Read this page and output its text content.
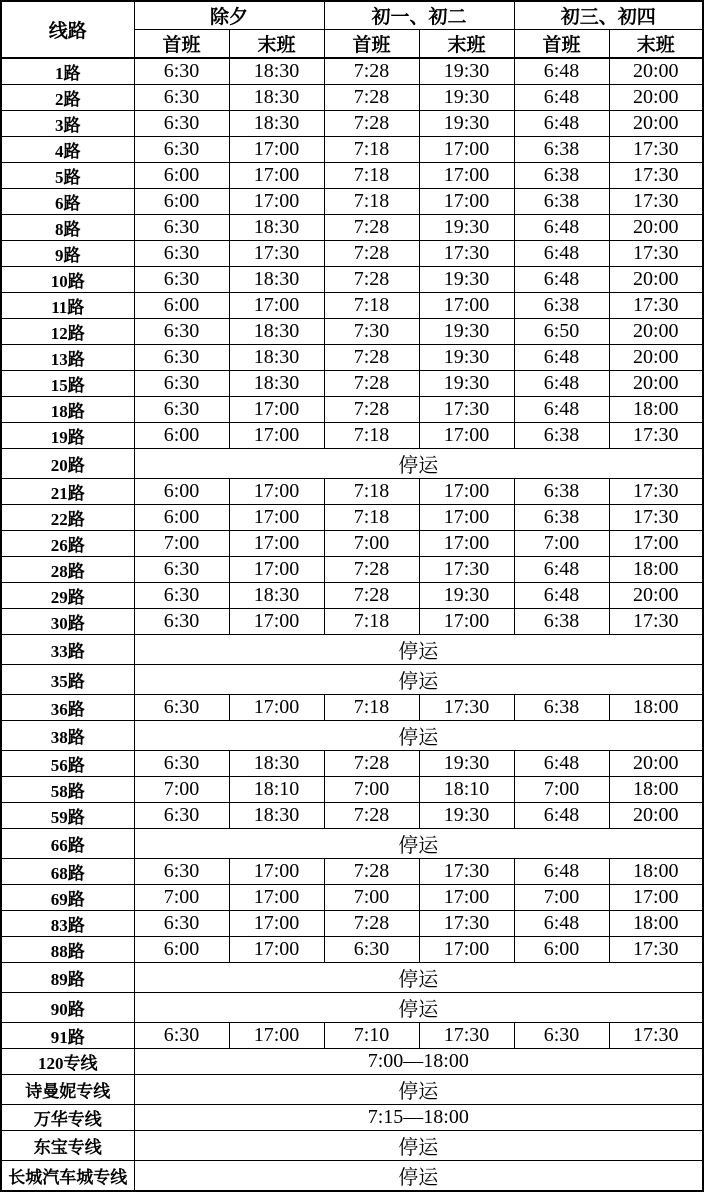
线路	除夕		初一、初二		初三、初四	
	首班	末班	首班	末班	首班	末班
1路	6:30	18:30	7:28	19:30	6:48	20:00
2路	6:30	18:30	7:28	19:30	6:48	20:00
3路	6:30	18:30	7:28	19:30	6:48	20:00
4路	6:30	17:00	7:18	17:00	6:38	17:30
5路	6:00	17:00	7:18	17:00	6:38	17:30
6路	6:00	17:00	7:18	17:00	6:38	17:30
8路	6:30	18:30	7:28	19:30	6:48	20:00
9路	6:30	17:30	7:28	17:30	6:48	17:30
10路	6:30	18:30	7:28	19:30	6:48	20:00
11路	6:00	17:00	7:18	17:00	6:38	17:30
12路	6:30	18:30	7:30	19:30	6:50	20:00
13路	6:30	18:30	7:28	19:30	6:48	20:00
15路	6:30	18:30	7:28	19:30	6:48	20:00
18路	6:30	17:00	7:28	17:30	6:48	18:00
19路	6:00	17:00	7:18	17:00	6:38	17:30
20路	停运					
21路	6:00	17:00	7:18	17:00	6:38	17:30
22路	6:00	17:00	7:18	17:00	6:38	17:30
26路	7:00	17:00	7:00	17:00	7:00	17:00
28路	6:30	17:00	7:28	17:30	6:48	18:00
29路	6:30	18:30	7:28	19:30	6:48	20:00
30路	6:30	17:00	7:18	17:00	6:38	17:30
33路	停运					
35路	停运					
36路	6:30	17:00	7:18	17:30	6:38	18:00
38路	停运					
56路	6:30	18:30	7:28	19:30	6:48	20:00
58路	7:00	18:10	7:00	18:10	7:00	18:00
59路	6:30	18:30	7:28	19:30	6:48	20:00
66路	停运					
68路	6:30	17:00	7:28	17:30	6:48	18:00
69路	7:00	17:00	7:00	17:00	7:00	17:00
83路	6:30	17:00	7:28	17:30	6:48	18:00
88路	6:00	17:00	6:30	17:00	6:00	17:30
89路	停运					
90路	停运					
91路	6:30	17:00	7:10	17:30	6:30	17:30
120专线	7:00—18:00					
诗曼妮专线	停运					
万华专线	7:15—18:00					
东宝专线	停运					
长城汽车城专线	停运					
